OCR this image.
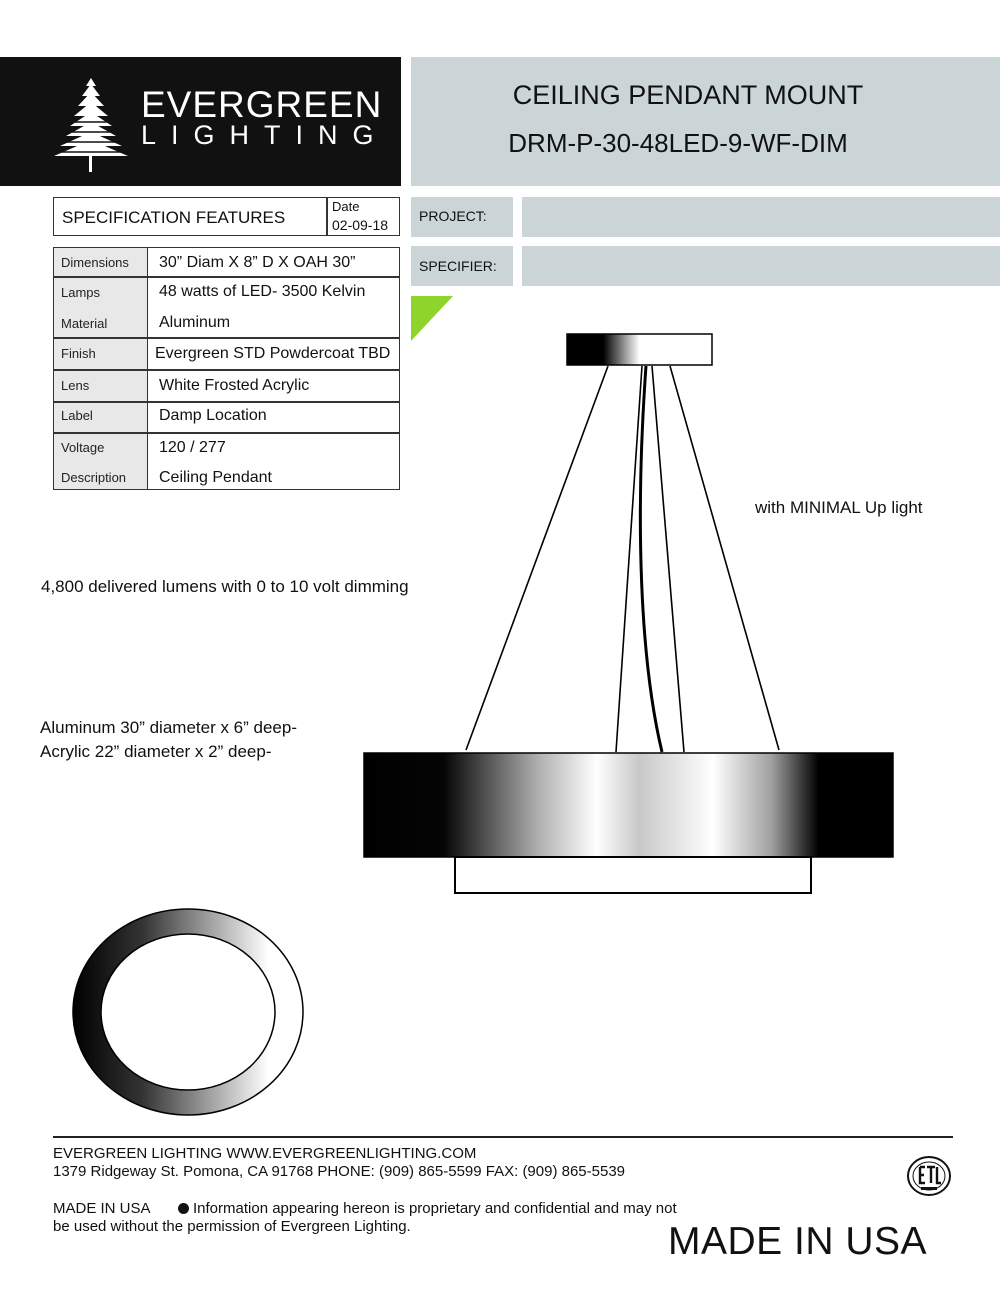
EVERGREEN
LIGHTING
CEILING PENDANT MOUNT
DRM-P-30-48LED-9-WF-DIM
SPECIFICATION FEATURES
Date
02-09-18
Dimensions 30” Diam X 8” D X OAH 30”
Lamps	48 watts of LED- 3500 Kelvin
Material	Aluminum
Finish	Evergreen STD Powdercoat TBD
Lens	White Frosted Acrylic
Label	Damp Location
Voltage	120 / 277
Description Ceiling Pendant
PROJECT:
SPECIFIER:
with MINIMAL Up light
4,800 delivered lumens with 0 to 10 volt dimming
Aluminum 30” diameter x 6” deep-
Acrylic 22” diameter x 2” deep-
EVERGREEN LIGHTING WWW.EVERGREENLIGHTING.COM
1379 Ridgeway St. Pomona, CA 91768 PHONE: (909) 865-5599 FAX: (909) 865-5539
MADE IN USA	Information appearing hereon is proprietary and confidential and may not
be used without the permission of Evergreen Lighting.	MADE IN USA
